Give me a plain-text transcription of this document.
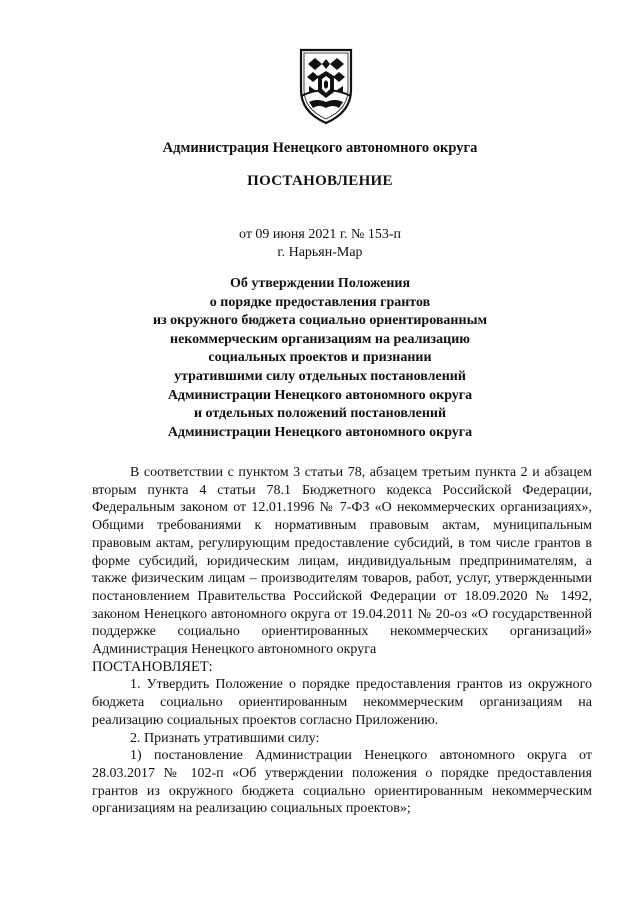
Администрация Ненецкого автономного округа
ПОСТАНОВЛЕНИЕ
от 09 июня 2021 г. № 153-п
г. Нарьян-Мар
Об утверждении Положения
о порядке предоставления грантов
из окружного бюджета социально ориентированным
некоммерческим организациям на реализацию
социальных проектов и признании
утратившими силу отдельных постановлений
Администрации Ненецкого автономного округа
и отдельных положений постановлений
Администрации Ненецкого автономного округа

В соответствии с пунктом 3 статьи 78, абзацем третьим пункта 2 и абзацем вторым пункта 4 статьи 78.1 Бюджетного кодекса Российской Федерации, Федеральным законом от 12.01.1996 № 7-ФЗ «О некоммерческих организациях», Общими требованиями к нормативным правовым актам, муниципальным правовым актам, регулирующим предоставление субсидий, в том числе грантов в форме субсидий, юридическим лицам, индивидуальным предпринимателям, а также физическим лицам – производителям товаров, работ, услуг, утвержденными постановлением Правительства Российской Федерации от 18.09.2020 № 1492, законом Ненецкого автономного округа от 19.04.2011 № 20-оз «О государственной поддержке социально ориентированных некоммерческих организаций» Администрация Ненецкого автономного округа

ПОСТАНОВЛЯЕТ:

1. Утвердить Положение о порядке предоставления грантов из окружного бюджета социально ориентированным некоммерческим организациям на реализацию социальных проектов согласно Приложению.

2. Признать утратившими силу:

1) постановление Администрации Ненецкого автономного округа от 28.03.2017 № 102-п «Об утверждении положения о порядке предоставления грантов из окружного бюджета социально ориентированным некоммерческим организациям на реализацию социальных проектов»;
